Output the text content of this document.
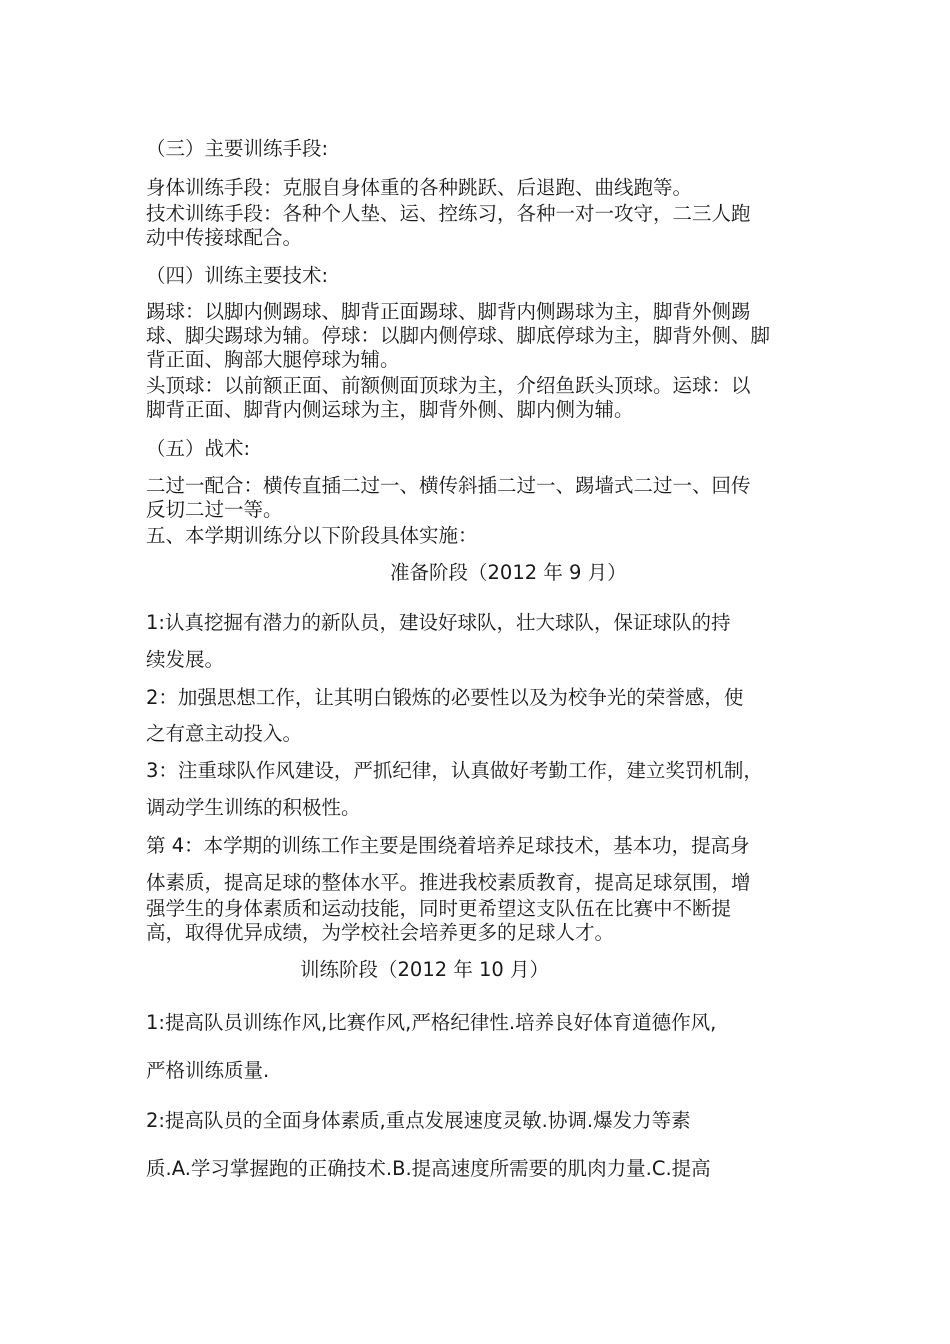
（三）主要训练手段:

身体训练手段：克服自身体重的各种跳跃、后退跑、曲线跑等。

技术训练手段：各种个人垫、运、控练习，各种一对一攻守，二三人跑

动中传接球配合。

（四）训练主要技术:

踢球：以脚内侧踢球、脚背正面踢球、脚背内侧踢球为主，脚背外侧踢

球、脚尖踢球为辅。停球：以脚内侧停球、脚底停球为主，脚背外侧、脚

背正面、胸部大腿停球为辅。

头顶球：以前额正面、前额侧面顶球为主，介绍鱼跃头顶球。运球：以

脚背正面、脚背内侧运球为主，脚背外侧、脚内侧为辅。

（五）战术:

二过一配合：横传直插二过一、横传斜插二过一、踢墙式二过一、回传

反切二过一等。

五、本学期训练分以下阶段具体实施：

准备阶段（2012 年 9 月）

1:认真挖掘有潜力的新队员，建设好球队，壮大球队，保证球队的持

续发展。

2：加强思想工作，让其明白锻炼的必要性以及为校争光的荣誉感，使

之有意主动投入。

3：注重球队作风建设，严抓纪律，认真做好考勤工作，建立奖罚机制，

调动学生训练的积极性。

第 4：本学期的训练工作主要是围绕着培养足球技术，基本功，提高身

体素质，提高足球的整体水平。推进我校素质教育，提高足球氛围，增

强学生的身体素质和运动技能，同时更希望这支队伍在比赛中不断提

高，取得优异成绩，为学校社会培养更多的足球人才。

训练阶段（2012 年 10 月）

1:提高队员训练作风,比赛作风,严格纪律性.培养良好体育道德作风,

严格训练质量.

2:提高队员的全面身体素质,重点发展速度灵敏.协调.爆发力等素

质.A.学习掌握跑的正确技术.B.提高速度所需要的肌肉力量.C.提高
